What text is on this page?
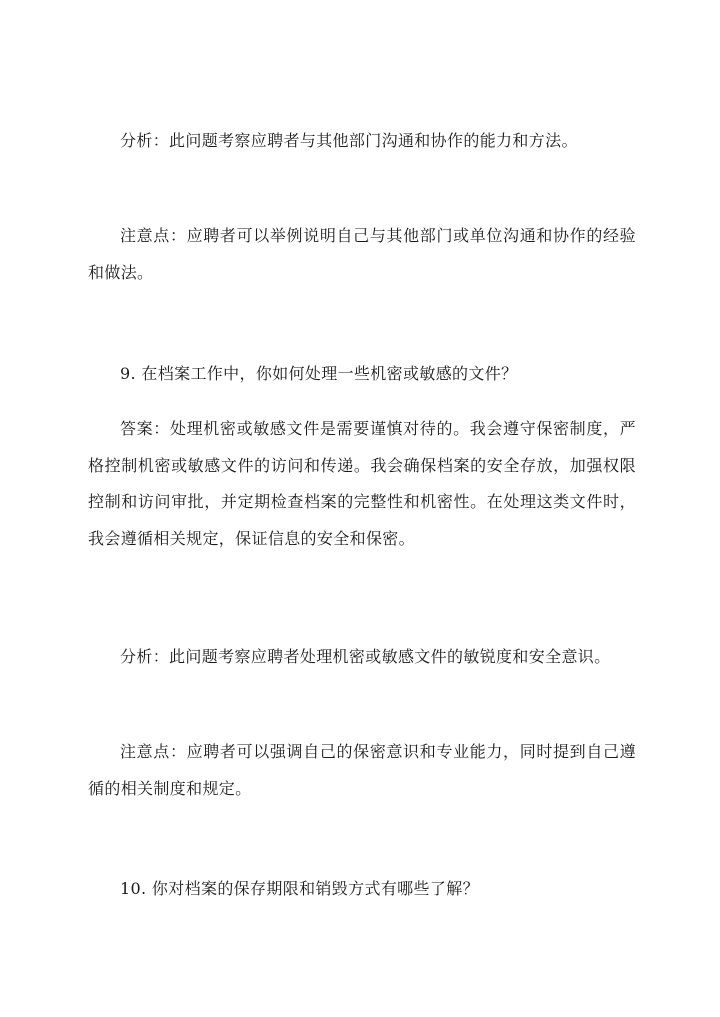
分析：此问题考察应聘者与其他部门沟通和协作的能力和方法。

注意点：应聘者可以举例说明自己与其他部门或单位沟通和协作的经验和做法。

9. 在档案工作中，你如何处理一些机密或敏感的文件？

答案：处理机密或敏感文件是需要谨慎对待的。我会遵守保密制度，严格控制机密或敏感文件的访问和传递。我会确保档案的安全存放，加强权限控制和访问审批，并定期检查档案的完整性和机密性。在处理这类文件时，我会遵循相关规定，保证信息的安全和保密。

分析：此问题考察应聘者处理机密或敏感文件的敏锐度和安全意识。

注意点：应聘者可以强调自己的保密意识和专业能力，同时提到自己遵循的相关制度和规定。

10. 你对档案的保存期限和销毁方式有哪些了解？
